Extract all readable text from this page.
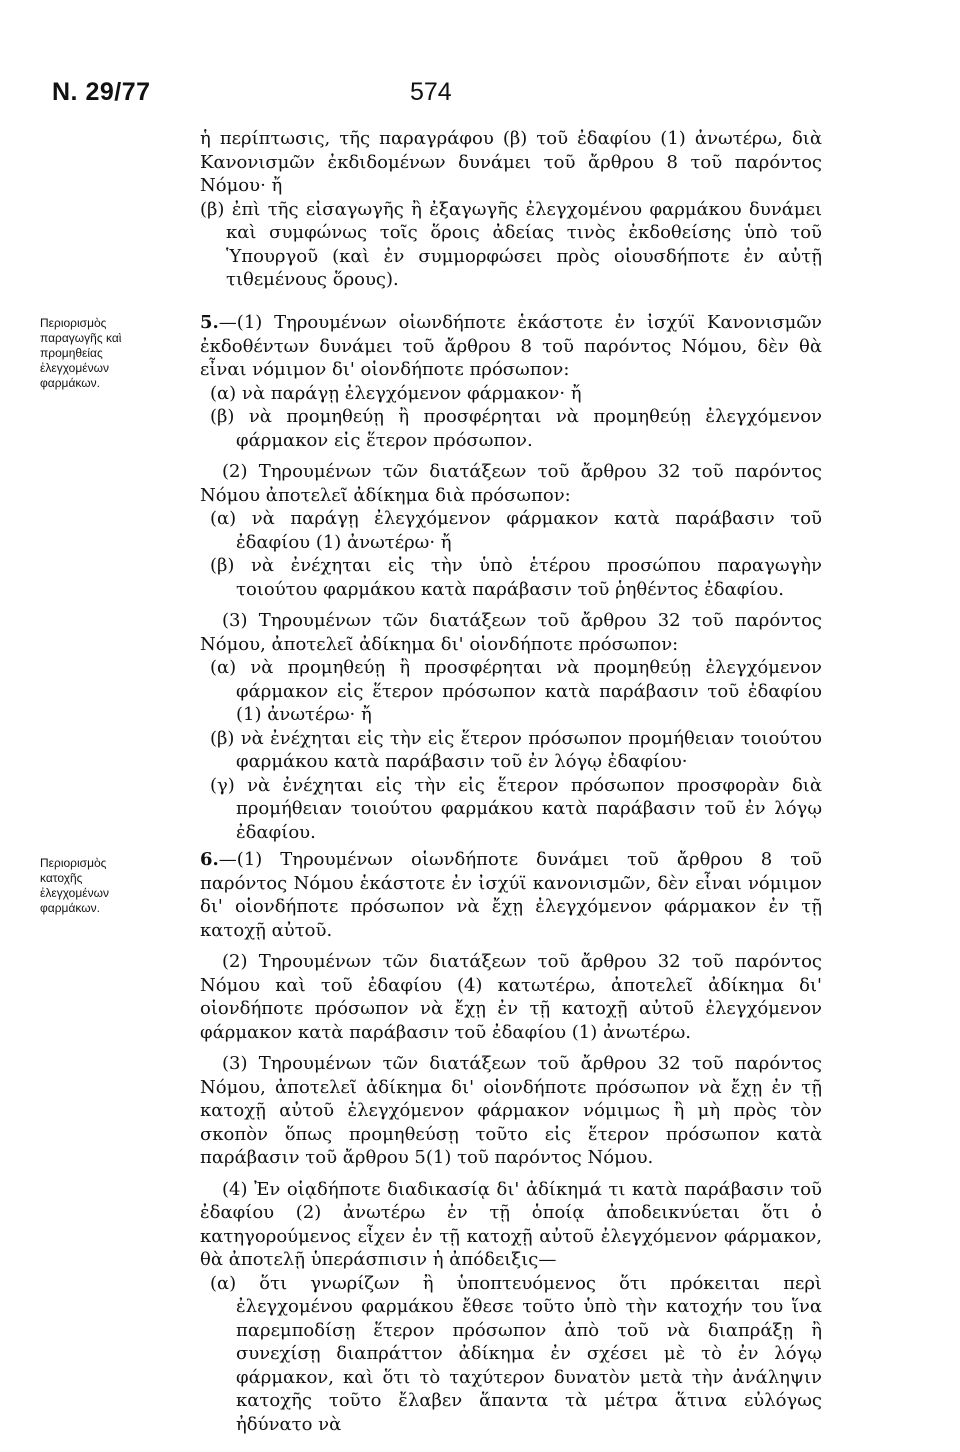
Ν. 29/77	574

ἡ περίπτωσις, τῆς παραγράφου (β) τοῦ ἐδαφίου (1) ἀνωτέρω, διὰ Κανονισμῶν ἐκδιδομένων δυνάμει τοῦ ἄρθρου 8 τοῦ παρόντος Νόμου· ἤ

(β) ἐπὶ τῆς εἰσαγωγῆς ἢ ἐξαγωγῆς ἐλεγχομένου φαρμάκου δυνάμει καὶ συμφώνως τοῖς ὅροις ἀδείας τινὸς ἐκδοθείσης ὑπὸ τοῦ Ὑπουργοῦ (καὶ ἐν συμμορφώσει πρὸς οἱουσδήποτε ἐν αὐτῇ τιθεμένους ὅρους).

Περιορισμὸς παραγωγῆς καὶ προμηθείας ἐλεγχομένων φαρμάκων.

5.—(1) Τηρουμένων οἱωνδήποτε ἑκάστοτε ἐν ἰσχύϊ Κανονισμῶν ἐκδοθέντων δυνάμει τοῦ ἄρθρου 8 τοῦ παρόντος Νόμου, δὲν θὰ εἶναι νόμιμον δι' οἱονδήποτε πρόσωπον:

(α) νὰ παράγῃ ἐλεγχόμενον φάρμακον· ἤ

(β) νὰ προμηθεύῃ ἢ προσφέρηται νὰ προμηθεύῃ ἐλεγχόμενον φάρμακον εἰς ἕτερον πρόσωπον.

(2) Τηρουμένων τῶν διατάξεων τοῦ ἄρθρου 32 τοῦ παρόντος Νόμου ἀποτελεῖ ἀδίκημα διὰ πρόσωπον:

(α) νὰ παράγῃ ἐλεγχόμενον φάρμακον κατὰ παράβασιν τοῦ ἐδαφίου (1) ἀνωτέρω· ἤ

(β) νὰ ἐνέχηται εἰς τὴν ὑπὸ ἑτέρου προσώπου παραγωγὴν τοιούτου φαρμάκου κατὰ παράβασιν τοῦ ῥηθέντος ἐδαφίου.

(3) Τηρουμένων τῶν διατάξεων τοῦ ἄρθρου 32 τοῦ παρόντος Νόμου, ἀποτελεῖ ἀδίκημα δι' οἱονδήποτε πρόσωπον:

(α) νὰ προμηθεύῃ ἢ προσφέρηται νὰ προμηθεύῃ ἐλεγχόμενον φάρμακον εἰς ἕτερον πρόσωπον κατὰ παράβασιν τοῦ ἐδαφίου (1) ἀνωτέρω· ἤ

(β) νὰ ἐνέχηται εἰς τὴν εἰς ἕτερον πρόσωπον προμήθειαν τοιούτου φαρμάκου κατὰ παράβασιν τοῦ ἐν λόγῳ ἐδαφίου·

(γ) νὰ ἐνέχηται εἰς τὴν εἰς ἕτερον πρόσωπον προσφορὰν διὰ προμήθειαν τοιούτου φαρμάκου κατὰ παράβασιν τοῦ ἐν λόγῳ ἐδαφίου.

Περιορισμὸς κατοχῆς ἐλεγχομένων φαρμάκων.

6.—(1) Τηρουμένων οἱωνδήποτε δυνάμει τοῦ ἄρθρου 8 τοῦ παρόντος Νόμου ἑκάστοτε ἐν ἰσχύϊ κανονισμῶν, δὲν εἶναι νόμιμον δι' οἱονδήποτε πρόσωπον νὰ ἔχῃ ἐλεγχόμενον φάρμακον ἐν τῇ κατοχῇ αὐτοῦ.

(2) Τηρουμένων τῶν διατάξεων τοῦ ἄρθρου 32 τοῦ παρόντος Νόμου καὶ τοῦ ἐδαφίου (4) κατωτέρω, ἀποτελεῖ ἀδίκημα δι' οἱονδήποτε πρόσωπον νὰ ἔχῃ ἐν τῇ κατοχῇ αὐτοῦ ἐλεγχόμενον φάρμακον κατὰ παράβασιν τοῦ ἐδαφίου (1) ἀνωτέρω.

(3) Τηρουμένων τῶν διατάξεων τοῦ ἄρθρου 32 τοῦ παρόντος Νόμου, ἀποτελεῖ ἀδίκημα δι' οἱονδήποτε πρόσωπον νὰ ἔχῃ ἐν τῇ κατοχῇ αὐτοῦ ἐλεγχόμενον φάρμακον νόμιμως ἢ μὴ πρὸς τὸν σκοπὸν ὅπως προμηθεύσῃ τοῦτο εἰς ἕτερον πρόσωπον κατὰ παράβασιν τοῦ ἄρθρου 5(1) τοῦ παρόντος Νόμου.

(4) Ἐν οἱᾳδήποτε διαδικασίᾳ δι' ἀδίκημά τι κατὰ παράβασιν τοῦ ἐδαφίου (2) ἀνωτέρω ἐν τῇ ὁποίᾳ ἀποδεικνύεται ὅτι ὁ κατηγορούμενος εἶχεν ἐν τῇ κατοχῇ αὐτοῦ ἐλεγχόμενον φάρμακον, θὰ ἀποτελῇ ὑπεράσπισιν ἡ ἀπόδειξις—

(α) ὅτι γνωρίζων ἢ ὑποπτευόμενος ὅτι πρόκειται περὶ ἐλεγχομένου φαρμάκου ἔθεσε τοῦτο ὑπὸ τὴν κατοχήν του ἵνα παρεμποδίσῃ ἕτερον πρόσωπον ἀπὸ τοῦ νὰ διαπράξῃ ἢ συνεχίσῃ διαπράττον ἀδίκημα ἐν σχέσει μὲ τὸ ἐν λόγῳ φάρμακον, καὶ ὅτι τὸ ταχύτερον δυνατὸν μετὰ τὴν ἀνάληψιν κατοχῆς τοῦτο ἔλαβεν ἅπαντα τὰ μέτρα ἅτινα εὐλόγως ἠδύνατο νὰ
